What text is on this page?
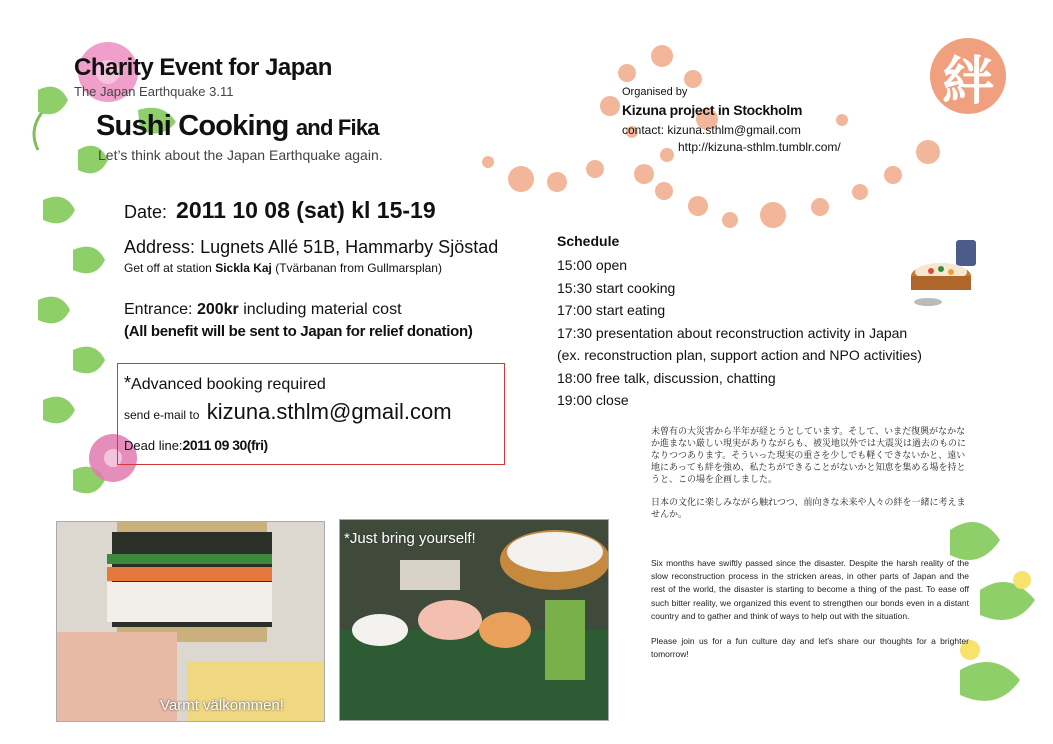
絆
Charity Event for Japan
The Japan Earthquake 3.11
Sushi Cooking and Fika
Let’s think about the Japan Earthquake again.
Date: 2011 10 08 (sat) kl 15-19
Address: Lugnets Allé 51B, Hammarby Sjöstad
Get off at station Sickla Kaj (Tvärbanan from Gullmarsplan)
Entrance: 200kr including material cost
(All benefit will be sent to Japan for relief donation)
*Advanced booking required
send e-mail to kizuna.sthlm@gmail.com
Dead line:2011 09 30(fri)
Organised by
Kizuna project in Stockholm
contact: kizuna.sthlm@gmail.com
http://kizuna-sthlm.tumblr.com/
Schedule
15:00 open
15:30 start cooking
17:00 start eating
17:30 presentation about reconstruction activity in Japan
(ex. reconstruction plan, support action and NPO activities)
18:00 free talk, discussion, chatting
19:00 close

未曾有の大災害から半年が経とうとしています。そして、いまだ復興がなかなか進まない厳しい現実がありながらも、被災地以外では大震災は過去のものになりつつあります。そういった現実の重さを少しでも軽くできないかと、遠い地にあっても絆を強め、私たちができることがないかと知恵を集める場を持とうと、この場を企画しました。

日本の文化に楽しみながら触れつつ、前向きな未来や人々の絆を一緒に考えませんか。

Six months have swiftly passed since the disaster. Despite the harsh reality of the slow reconstruction process in the stricken areas, in other parts of Japan and the rest of the world, the disaster is starting to become a thing of the past. To ease off such bitter reality, we organized this event to strengthen our bonds even in a distant country and to gather and think of ways to help out with the situation.

Please join us for a fun culture day and let's share our thoughts for a brighter tomorrow!

Varmt välkommen!
*Just bring yourself!
